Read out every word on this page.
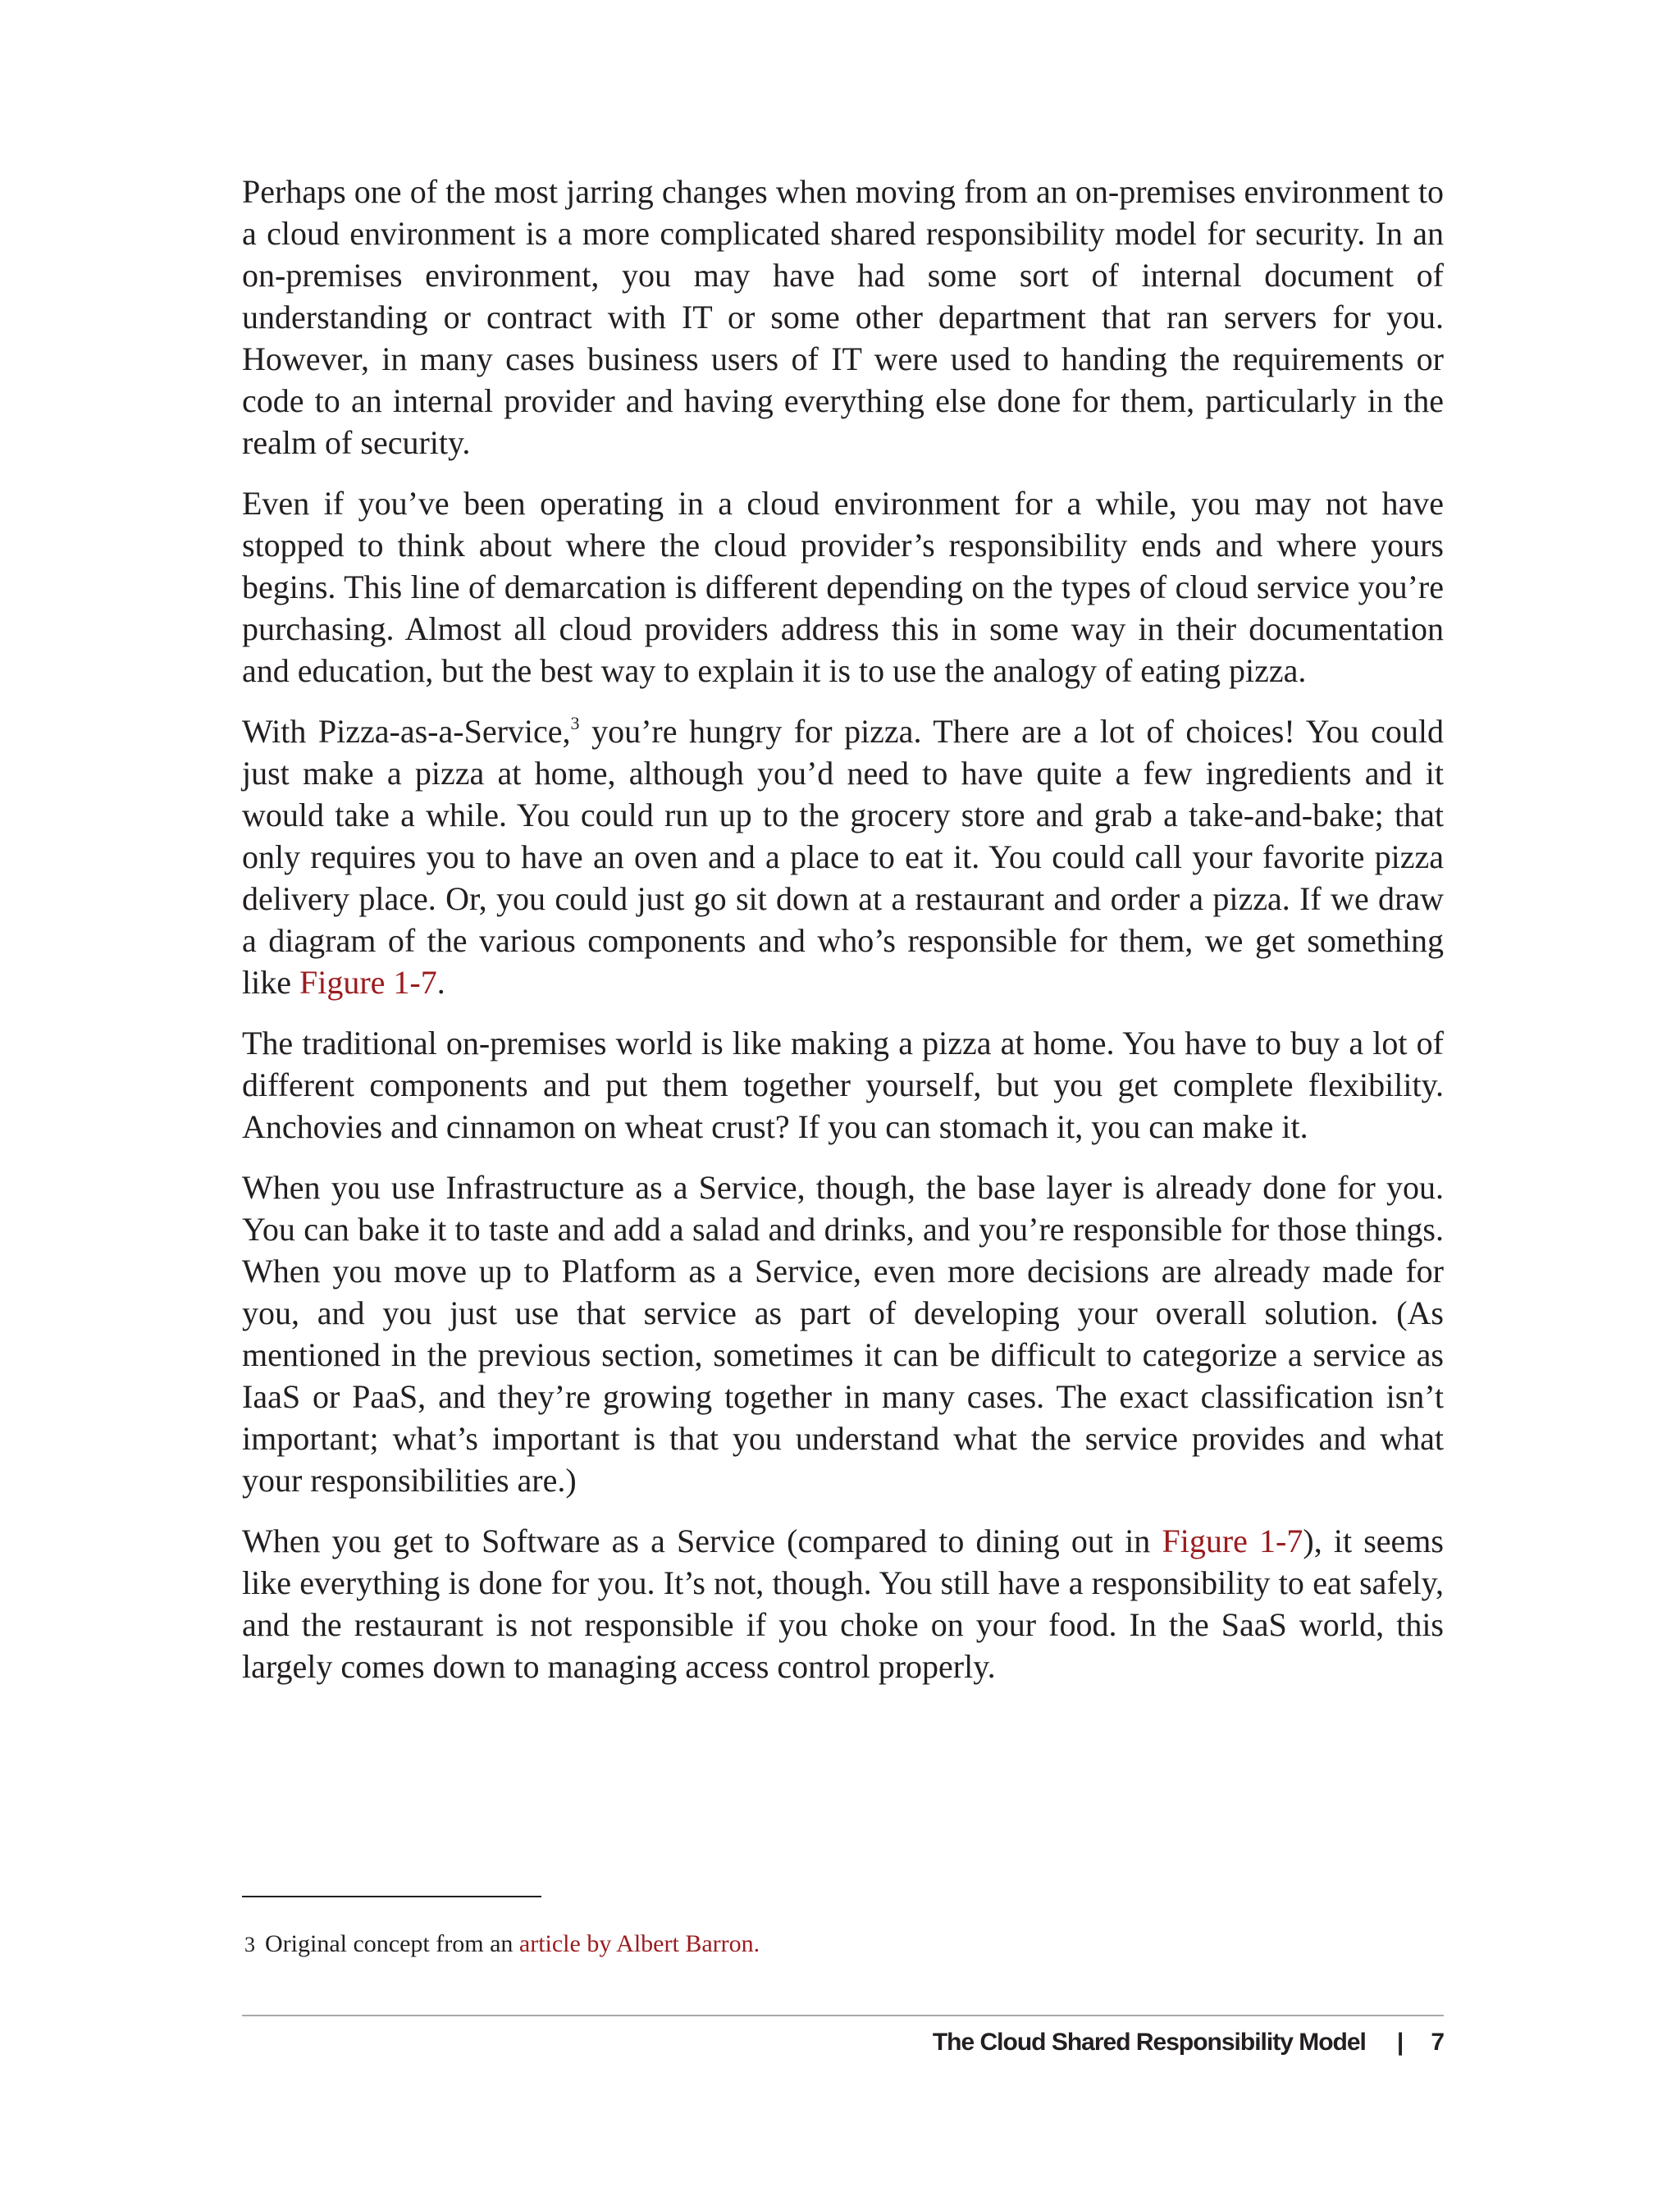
Perhaps one of the most jarring changes when moving from an on-premises environment to a cloud environment is a more complicated shared responsibility model for security. In an on-premises environment, you may have had some sort of internal document of understanding or contract with IT or some other department that ran servers for you. However, in many cases business users of IT were used to handing the requirements or code to an internal provider and having everything else done for them, particularly in the realm of security.

Even if you’ve been operating in a cloud environment for a while, you may not have stopped to think about where the cloud provider’s responsibility ends and where yours begins. This line of demarcation is different depending on the types of cloud service you’re purchasing. Almost all cloud providers address this in some way in their documentation and education, but the best way to explain it is to use the analogy of eating pizza.

With Pizza-as-a-Service,$^3$ you’re hungry for pizza. There are a lot of choices! You could just make a pizza at home, although you’d need to have quite a few ingredients and it would take a while. You could run up to the grocery store and grab a take-and-bake; that only requires you to have an oven and a place to eat it. You could call your favorite pizza delivery place. Or, you could just go sit down at a restaurant and order a pizza. If we draw a diagram of the various components and who’s responsible for them, we get something like Figure 1-7.

The traditional on-premises world is like making a pizza at home. You have to buy a lot of different components and put them together yourself, but you get complete flexibility. Anchovies and cinnamon on wheat crust? If you can stomach it, you can make it.

When you use Infrastructure as a Service, though, the base layer is already done for you. You can bake it to taste and add a salad and drinks, and you’re responsible for those things. When you move up to Platform as a Service, even more decisions are already made for you, and you just use that service as part of developing your overall solution. (As mentioned in the previous section, sometimes it can be difficult to categorize a service as IaaS or PaaS, and they’re growing together in many cases. The exact classification isn’t important; what’s important is that you understand what the service provides and what your responsibilities are.)

When you get to Software as a Service (compared to dining out in Figure 1-7), it seems like everything is done for you. It’s not, though. You still have a responsibility to eat safely, and the restaurant is not responsible if you choke on your food. In the SaaS world, this largely comes down to managing access control properly.

3 Original concept from an article by Albert Barron.
The Cloud Shared Responsibility Model | 7
